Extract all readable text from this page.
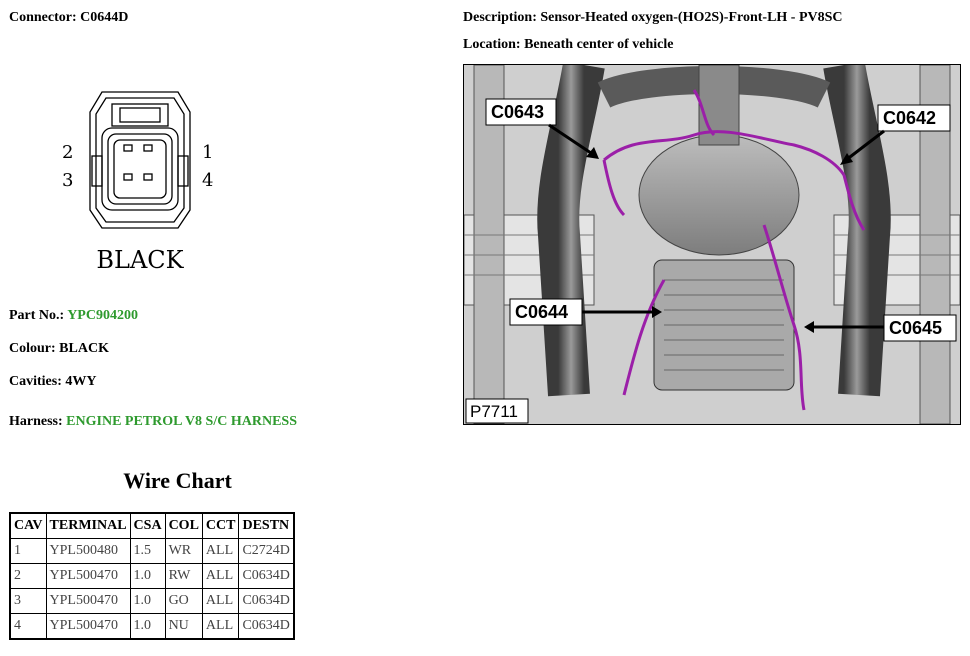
Connector: C0644D	Description: Sensor-Heated oxygen-(HO2S)-Front-LH - PV8SC
Location: Beneath center of vehicle
2	1
3	4
BLACK
Part No.: YPC904200
Colour: BLACK
Cavities: 4WY
Harness: ENGINE PETROL V8 S/C HARNESS
Wire Chart
CAV	TERMINAL	CSA	COL	CCT	DESTN
1	YPL500480	1.5	WR	ALL	C2724D
2	YPL500470	1.0	RW	ALL	C0634D
3	YPL500470	1.0	GO	ALL	C0634D
4	YPL500470	1.0	NU	ALL	C0634D
C0643	C0642
C0644
C0645
P7711
